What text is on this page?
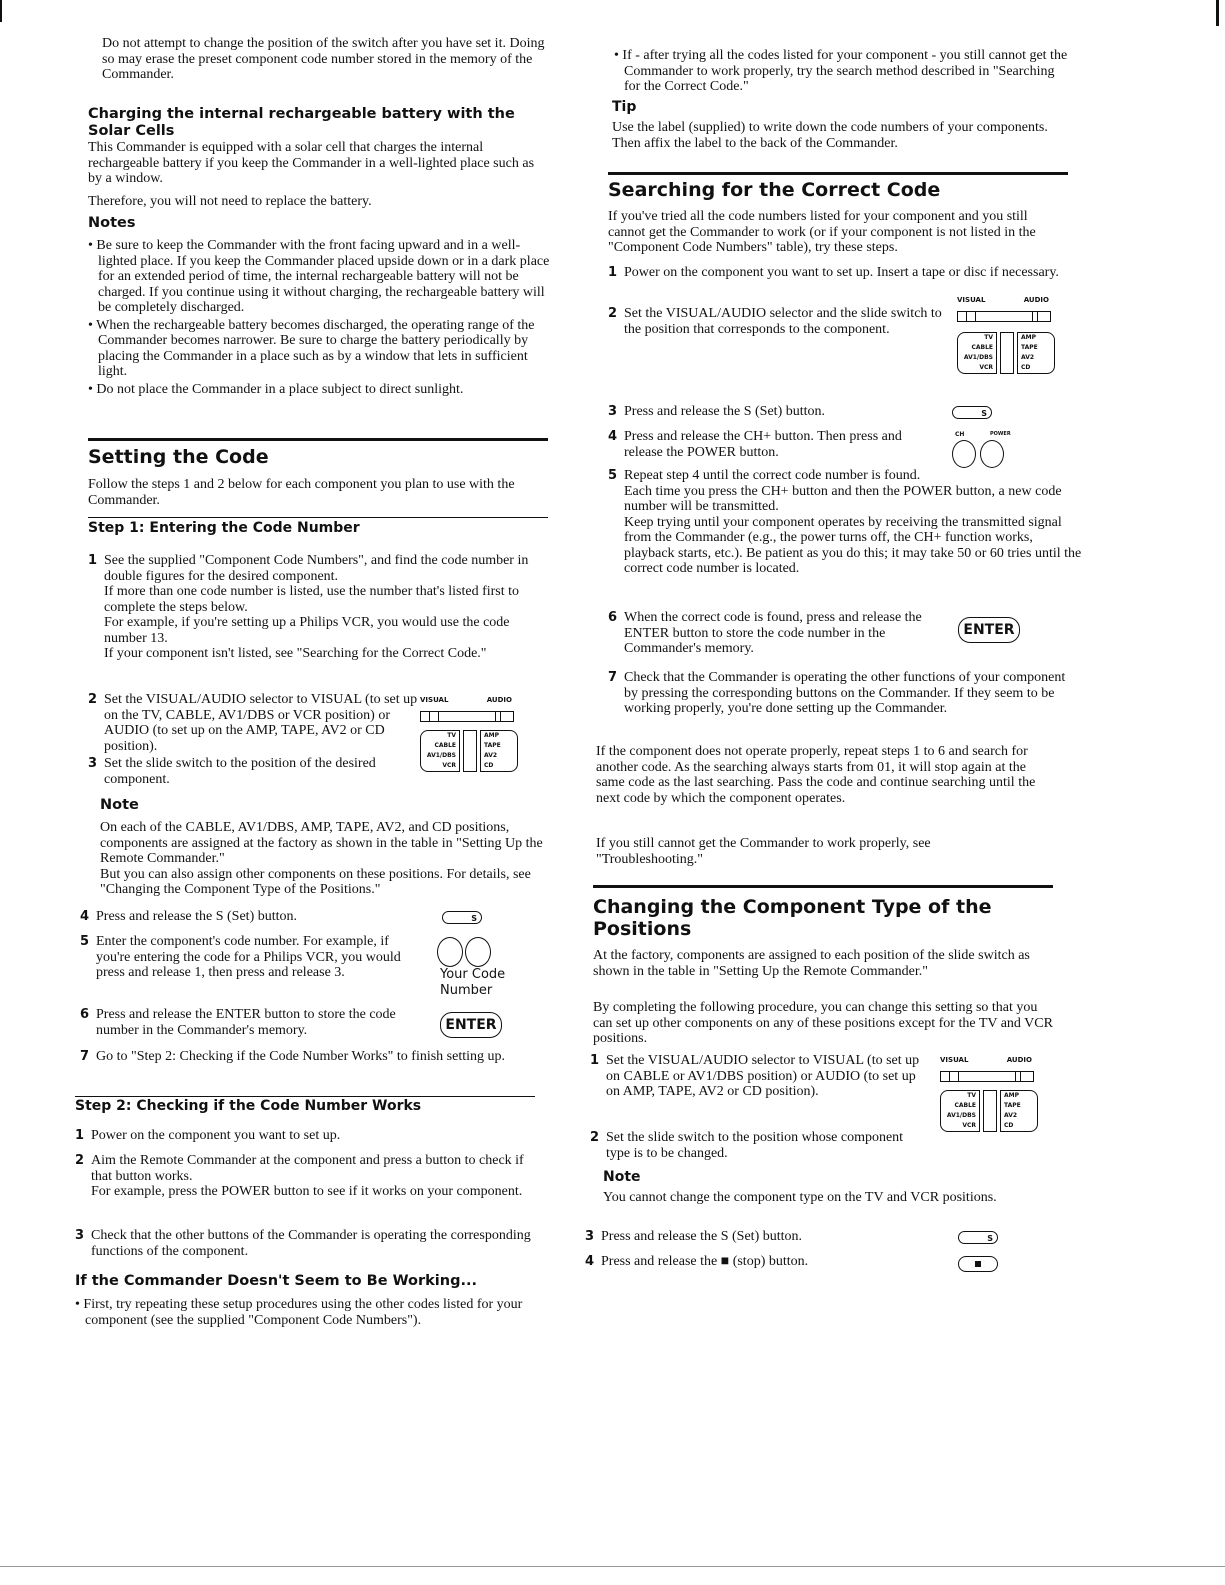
Do not attempt to change the position of the switch after you have set it. Doing so may erase the preset component code number stored in the memory of the Commander.
Charging the internal rechargeable battery with the Solar Cells
This Commander is equipped with a solar cell that charges the internal rechargeable battery if you keep the Commander in a well-lighted place such as by a window.
Therefore, you will not need to replace the battery.
Notes
• Be sure to keep the Commander with the front facing upward and in a well-lighted place. If you keep the Commander placed upside down or in a dark place for an extended period of time, the internal rechargeable battery will not be charged. If you continue using it without charging, the rechargeable battery will be completely discharged.
• When the rechargeable battery becomes discharged, the operating range of the Commander becomes narrower. Be sure to charge the battery periodically by placing the Commander in a place such as by a window that lets in sufficient light.
• Do not place the Commander in a place subject to direct sunlight.
Setting the Code
Follow the steps 1 and 2 below for each component you plan to use with the Commander.
Step 1: Entering the Code Number
1 See the supplied "Component Code Numbers", and find the code number in double figures for the desired component.
If more than one code number is listed, use the number that's listed first to complete the steps below.
For example, if you're setting up a Philips VCR, you would use the code number 13.
If your component isn't listed, see "Searching for the Correct Code."
2 Set the VISUAL/AUDIO selector to VISUAL (to set up on the TV, CABLE, AV1/DBS or VCR position) or AUDIO (to set up on the AMP, TAPE, AV2 or CD position).
3 Set the slide switch to the position of the desired component.
VISUAL	AUDIO
TV
CABLE
AV1/DBS
VCR
AMP
TAPE
AV2
CD
Note
On each of the CABLE, AV1/DBS, AMP, TAPE, AV2, and CD positions, components are assigned at the factory as shown in the table in "Setting Up the Remote Commander."
But you can also assign other components on these positions. For details, see "Changing the Component Type of the Positions."
4 Press and release the S (Set) button.	S
5 Enter the component's code number. For example, if you're entering the code for a Philips VCR, you would press and release 1, then press and release 3.	Your Code Number
6 Press and release the ENTER button to store the code number in the Commander's memory.	ENTER
7 Go to "Step 2: Checking if the Code Number Works" to finish setting up.
Step 2: Checking if the Code Number Works
1 Power on the component you want to set up.
2 Aim the Remote Commander at the component and press a button to check if that button works.
For example, press the POWER button to see if it works on your component.
3 Check that the other buttons of the Commander is operating the corresponding functions of the component.
If the Commander Doesn't Seem to Be Working...
• First, try repeating these setup procedures using the other codes listed for your component (see the supplied "Component Code Numbers").
• If - after trying all the codes listed for your component - you still cannot get the Commander to work properly, try the search method described in "Searching for the Correct Code."
Tip
Use the label (supplied) to write down the code numbers of your components. Then affix the label to the back of the Commander.
Searching for the Correct Code
If you've tried all the code numbers listed for your component and you still cannot get the Commander to work (or if your component is not listed in the "Component Code Numbers" table), try these steps.
1 Power on the component you want to set up. Insert a tape or disc if necessary.
2 Set the VISUAL/AUDIO selector and the slide switch to the position that corresponds to the component.
VISUAL	AUDIO
TV
CABLE
AV1/DBS
VCR
AMP
TAPE
AV2
CD
3 Press and release the S (Set) button.	S
4 Press and release the CH+ button. Then press and release the POWER button.
CH	POWER
5 Repeat step 4 until the correct code number is found.
Each time you press the CH+ button and then the POWER button, a new code number will be transmitted.
Keep trying until your component operates by receiving the transmitted signal from the Commander (e.g., the power turns off, the CH+ function works, playback starts, etc.). Be patient as you do this; it may take 50 or 60 tries until the correct code number is located.
6 When the correct code is found, press and release the ENTER button to store the code number in the Commander's memory.
ENTER
7 Check that the Commander is operating the other functions of your component by pressing the corresponding buttons on the Commander. If they seem to be working properly, you're done setting up the Commander.
If the component does not operate properly, repeat steps 1 to 6 and search for another code. As the searching always starts from 01, it will stop again at the same code as the last searching. Pass the code and continue searching until the next code by which the component operates.
If you still cannot get the Commander to work properly, see "Troubleshooting."
Changing the Component Type of the Positions
At the factory, components are assigned to each position of the slide switch as shown in the table in "Setting Up the Remote Commander."
By completing the following procedure, you can change this setting so that you can set up other components on any of these positions except for the TV and VCR positions.
1 Set the VISUAL/AUDIO selector to VISUAL (to set up on CABLE or AV1/DBS position) or AUDIO (to set up on AMP, TAPE, AV2 or CD position).
VISUAL	AUDIO
TV
CABLE
AV1/DBS
VCR
AMP
TAPE
AV2
CD
2 Set the slide switch to the position whose component type is to be changed.
Note
You cannot change the component type on the TV and VCR positions.
3 Press and release the S (Set) button.	S
4 Press and release the ■ (stop) button.
